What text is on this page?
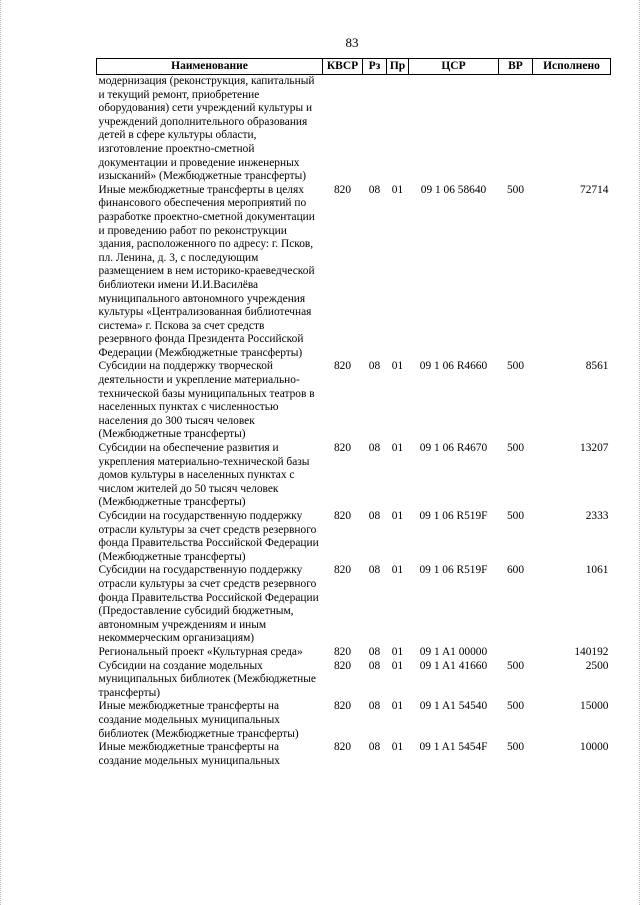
83
Наименование	КВСР	Рз	Пр	ЦСР	ВР	Исполнено
модернизация (реконструкция, капитальный и текущий ремонт, приобретение оборудования) сети учреждений культуры и учреждений дополнительного образования детей в сфере культуры области, изготовление проектно-сметной документации и проведение инженерных изысканий» (Межбюджетные трансферты)						
Иные межбюджетные трансферты в целях финансового обеспечения мероприятий по разработке проектно-сметной документации и проведению работ по реконструкции здания, расположенного по адресу: г. Псков, пл. Ленина, д. 3, с последующим размещением в нем историко-краеведческой библиотеки имени И.И.Василёва муниципального автономного учреждения культуры «Централизованная библиотечная система» г. Пскова за счет средств резервного фонда Президента Российской Федерации (Межбюджетные трансферты)	820	08	01	09 1 06 58640	500	72714
Субсидии на поддержку творческой деятельности и укрепление материально-технической базы муниципальных театров в населенных пунктах с численностью населения до 300 тысяч человек (Межбюджетные трансферты)	820	08	01	09 1 06 R4660	500	8561
Субсидии на обеспечение развития и укрепления материально-технической базы домов культуры в населенных пунктах с числом жителей до 50 тысяч человек (Межбюджетные трансферты)	820	08	01	09 1 06 R4670	500	13207
Субсидии на государственную поддержку отрасли культуры за счет средств резервного фонда Правительства Российской Федерации (Межбюджетные трансферты)	820	08	01	09 1 06 R519F	500	2333
Субсидии на государственную поддержку отрасли культуры за счет средств резервного фонда Правительства Российской Федерации (Предоставление субсидий бюджетным, автономным учреждениям и иным некоммерческим организациям)	820	08	01	09 1 06 R519F	600	1061
Региональный проект «Культурная среда»	820	08	01	09 1 A1 00000		140192
Субсидии на создание модельных муниципальных библиотек (Межбюджетные трансферты)	820	08	01	09 1 A1 41660	500	2500
Иные межбюджетные трансферты на создание модельных муниципальных библиотек (Межбюджетные трансферты)	820	08	01	09 1 A1 54540	500	15000
Иные межбюджетные трансферты на создание модельных муниципальных	820	08	01	09 1 A1 5454F	500	10000
